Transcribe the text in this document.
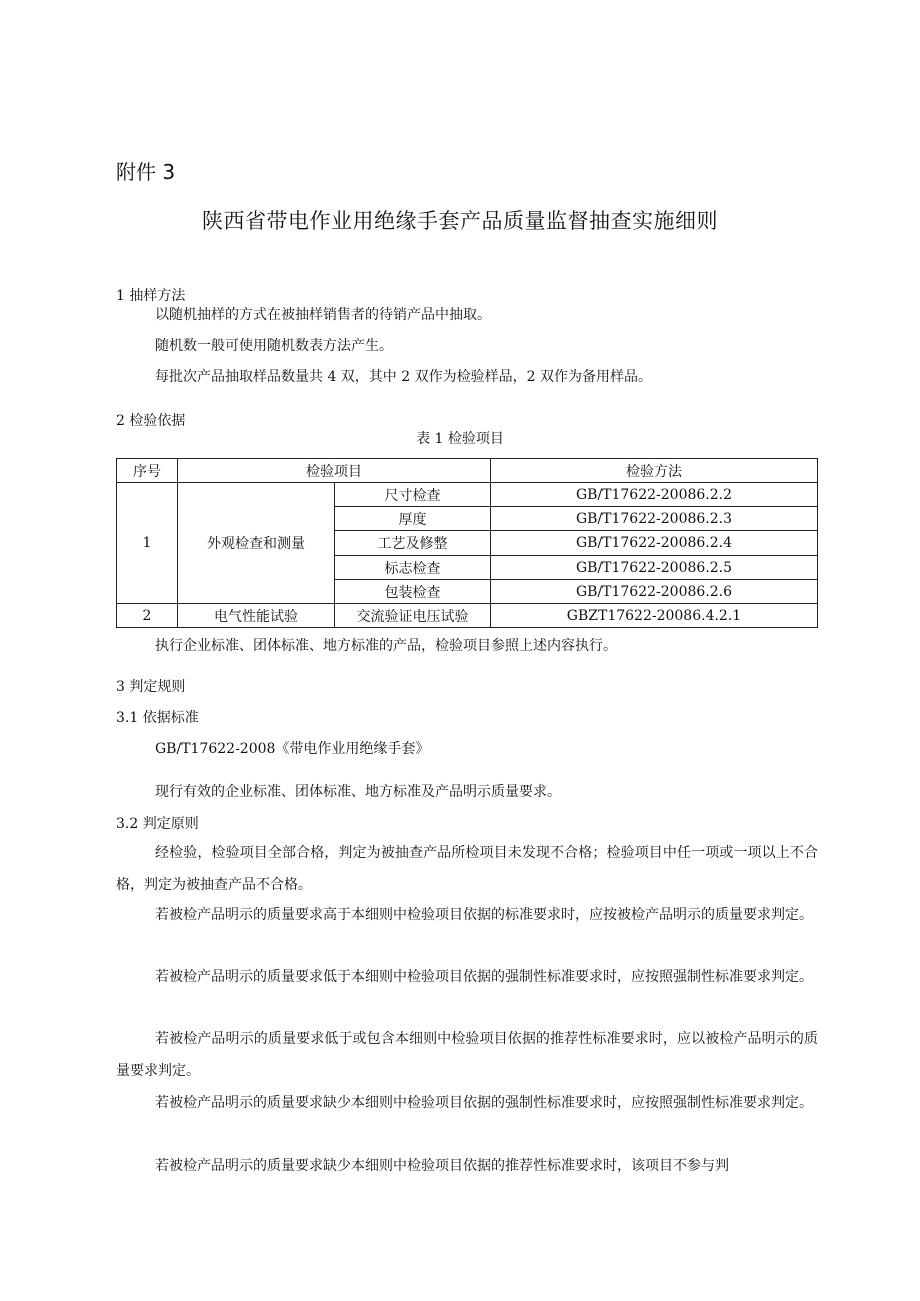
附件 3
陕西省带电作业用绝缘手套产品质量监督抽查实施细则
1 抽样方法
以随机抽样的方式在被抽样销售者的待销产品中抽取。
随机数一般可使用随机数表方法产生。
每批次产品抽取样品数量共 4 双，其中 2 双作为检验样品，2 双作为备用样品。
2 检验依据
表 1 检验项目
序号	检验项目		检验方法
1	外观检查和测量	尺寸检查	GB/T17622-20086.2.2
		厚度	GB/T17622-20086.2.3
		工艺及修整	GB/T17622-20086.2.4
		标志检查	GB/T17622-20086.2.5
		包装检查	GB/T17622-20086.2.6
2	电气性能试验	交流验证电压试验	GBZT17622-20086.4.2.1
执行企业标准、团体标准、地方标准的产品，检验项目参照上述内容执行。
3 判定规则
3.1 依据标准
GB/T17622-2008《带电作业用绝缘手套》
现行有效的企业标准、团体标准、地方标准及产品明示质量要求。
3.2 判定原则
经检验，检验项目全部合格，判定为被抽查产品所检项目未发现不合格；检验项目中任一项或一项以上不合格，判定为被抽查产品不合格。
若被检产品明示的质量要求高于本细则中检验项目依据的标准要求时，应按被检产品明示的质量要求判定。
若被检产品明示的质量要求低于本细则中检验项目依据的强制性标准要求时，应按照强制性标准要求判定。
若被检产品明示的质量要求低于或包含本细则中检验项目依据的推荐性标准要求时，应以被检产品明示的质量要求判定。
若被检产品明示的质量要求缺少本细则中检验项目依据的强制性标准要求时，应按照强制性标准要求判定。
若被检产品明示的质量要求缺少本细则中检验项目依据的推荐性标准要求时，该项目不参与判
